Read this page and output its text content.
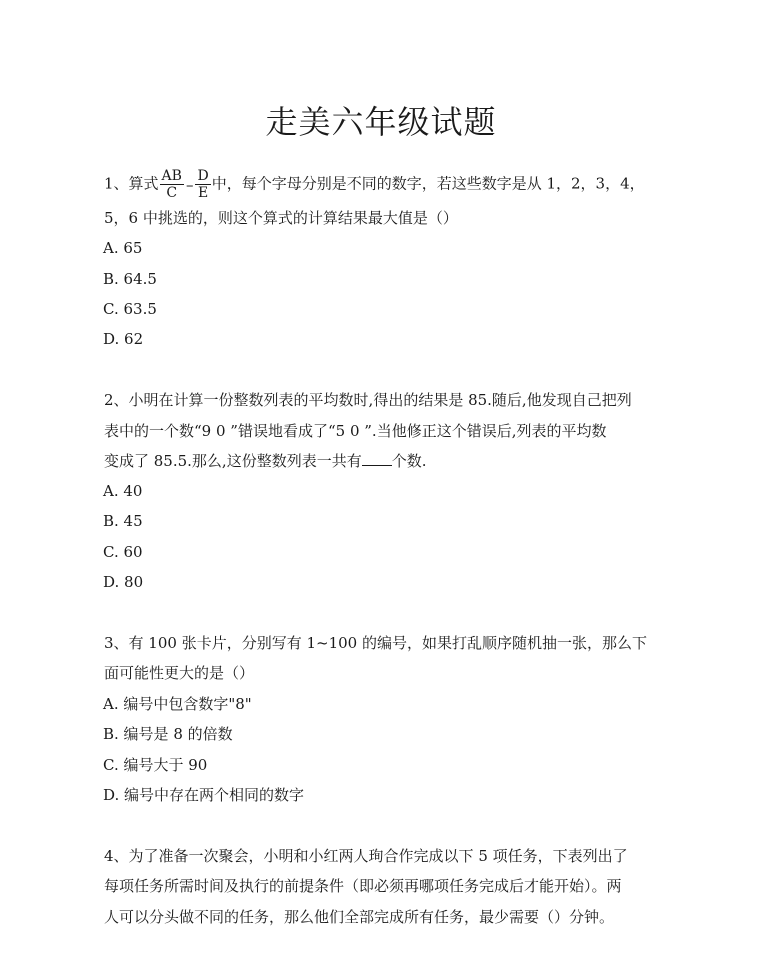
走美六年级试题
1、算式 $\frac{AB}{C} - \frac{D}{E}$ 中，每个字母分别是不同的数字，若这些数字是从 1，2，3，4，
5，6 中挑选的，则这个算式的计算结果最大值是（）
A. 65
B. 64.5
C. 63.5
D. 62
2、小明在计算一份整数列表的平均数时,得出的结果是 85.随后,他发现自己把列
表中的一个数“9 0 ”错误地看成了“5 0 ”.当他修正这个错误后,列表的平均数
变成了 85.5.那么,这份整数列表一共有 个数.
A. 40
B. 45
C. 60
D. 80
3、有 100 张卡片，分别写有 1~100 的编号，如果打乱顺序随机抽一张，那么下
面可能性更大的是（）
A. 编号中包含数字"8"
B. 编号是 8 的倍数
C. 编号大于 90
D. 编号中存在两个相同的数字
4、为了准备一次聚会，小明和小红两人珣合作完成以下 5 项任务，下表列出了
每项任务所需时间及执行的前提条件（即必须再哪项任务完成后才能开始）。两
人可以分头做不同的任务，那么他们全部完成所有任务，最少需要（）分钟。
